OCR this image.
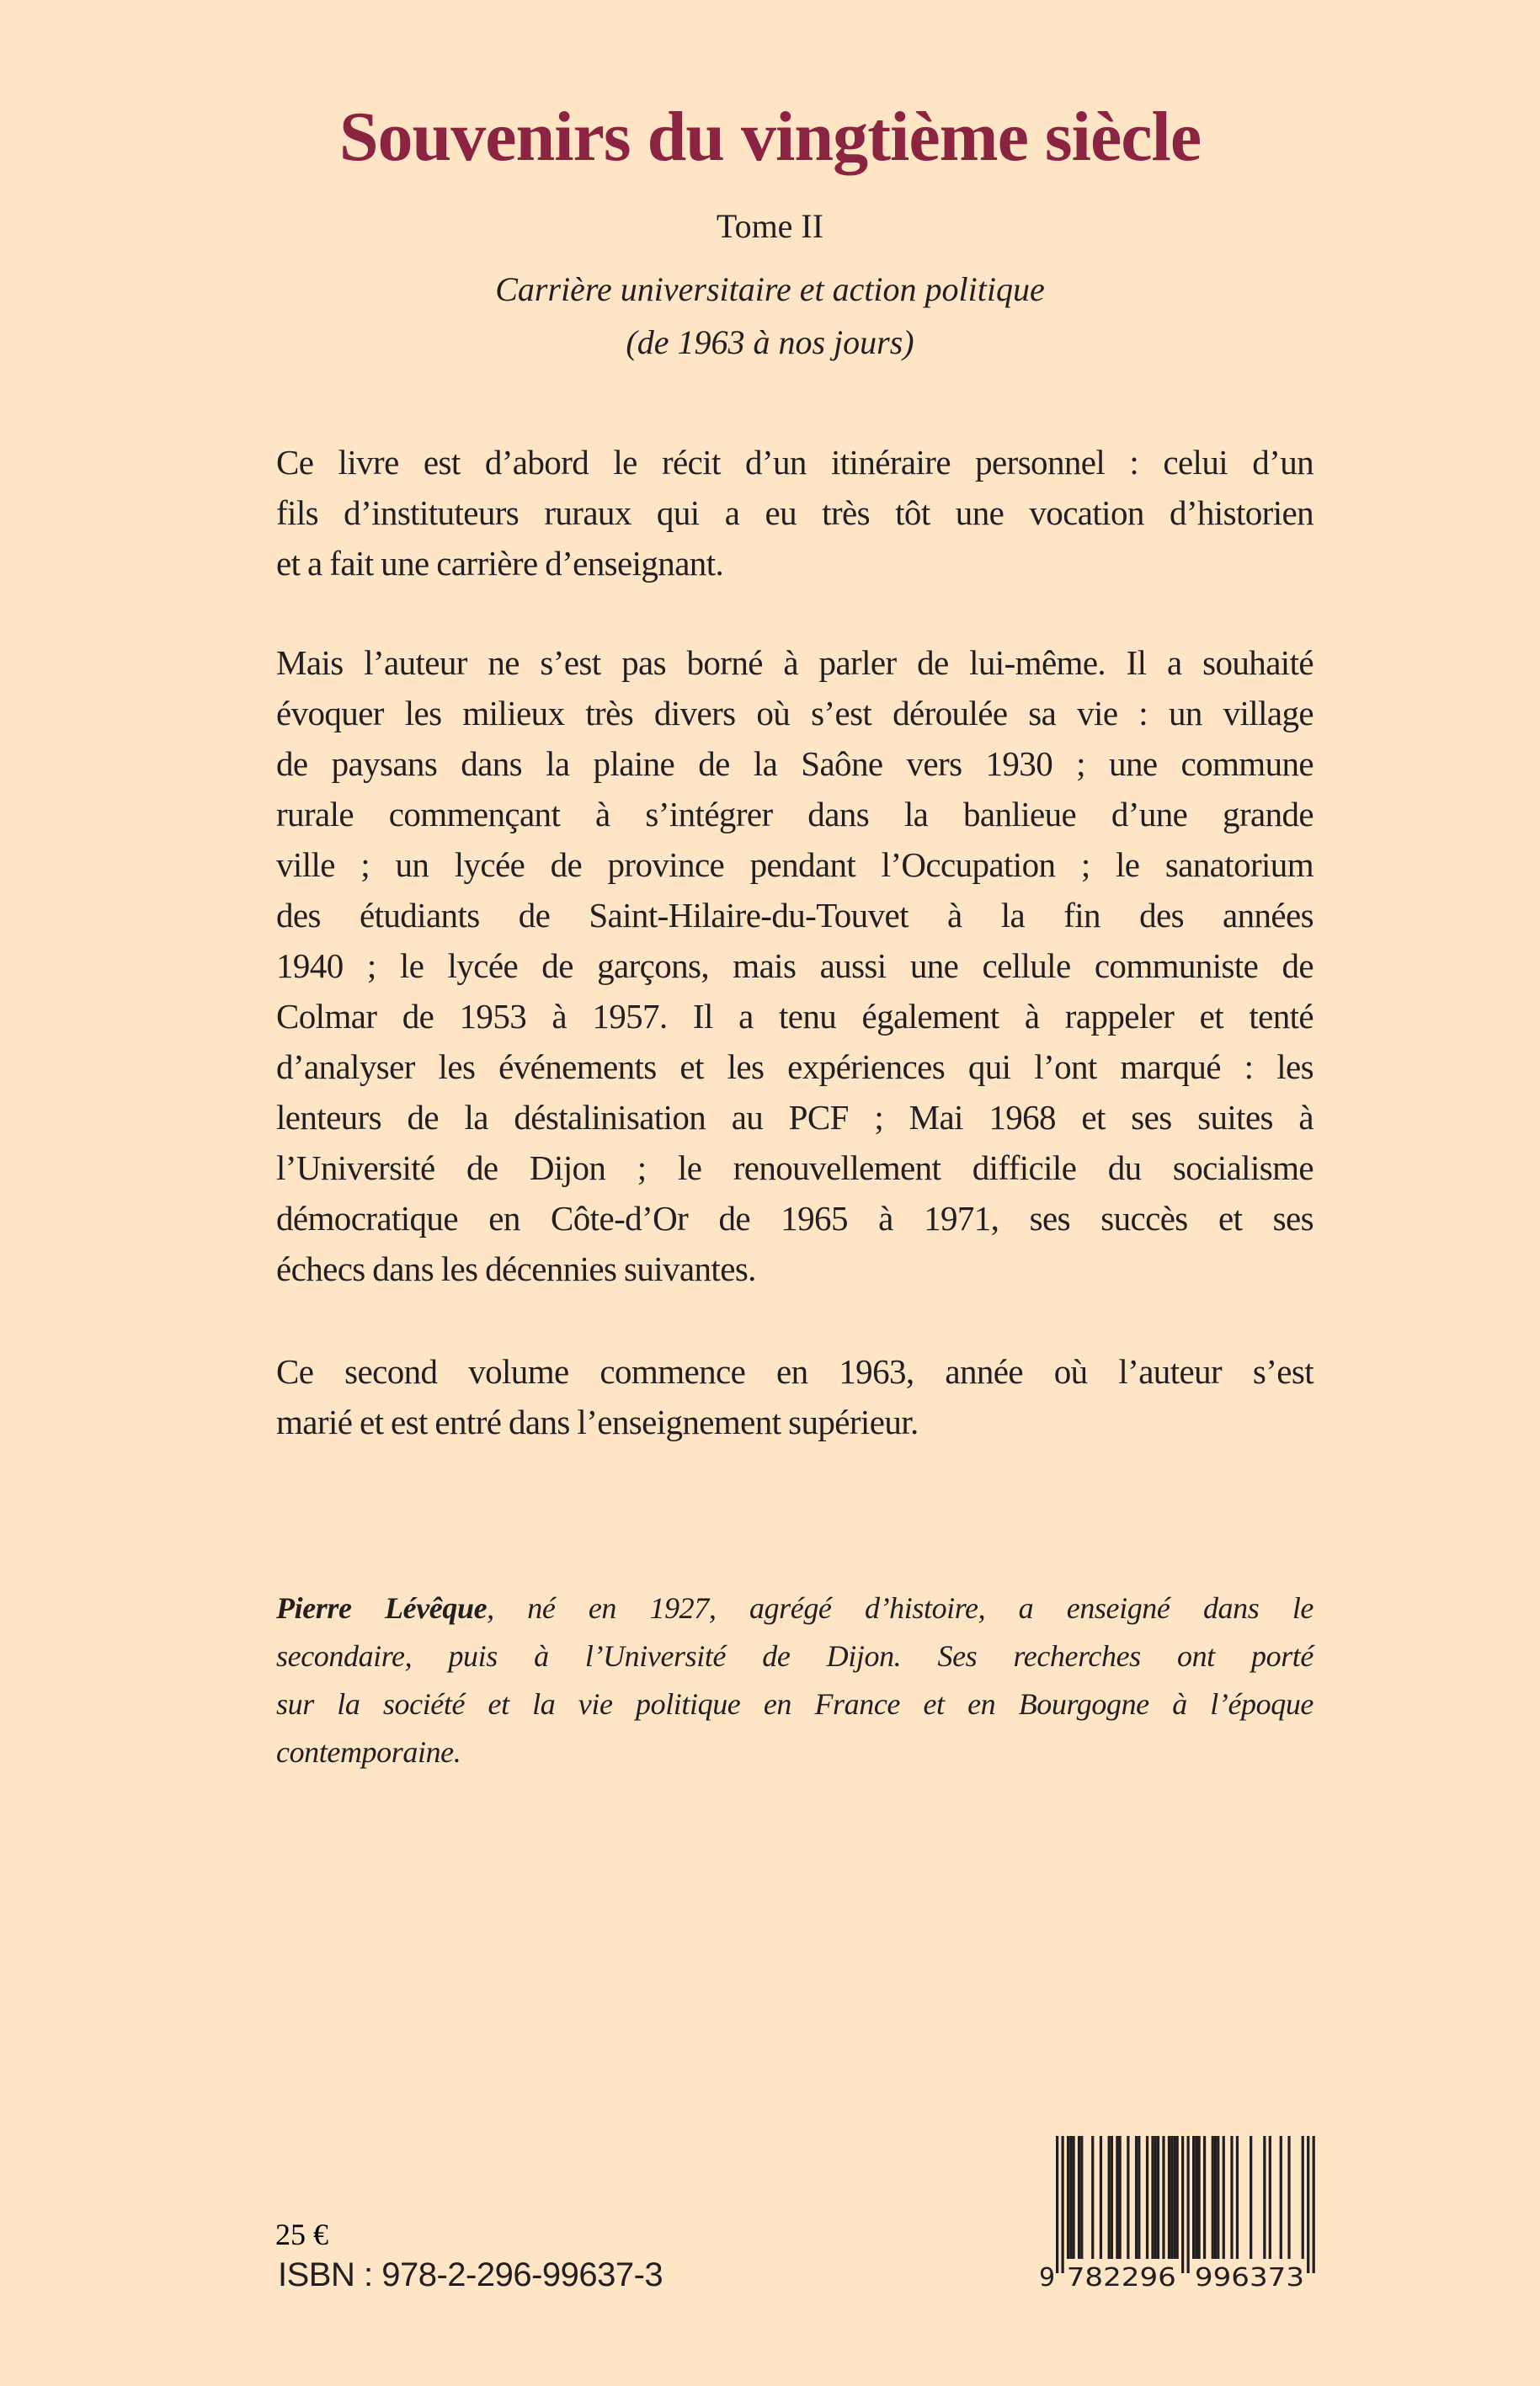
Souvenirs du vingtième siècle
Tome II
Carrière universitaire et action politique
(de 1963 à nos jours)
Ce livre est d’abord le récit d’un itinéraire personnel : celui d’un
fils d’instituteurs ruraux qui a eu très tôt une vocation d’historien
et a fait une carrière d’enseignant.
Mais l’auteur ne s’est pas borné à parler de lui-même. Il a souhaité
évoquer les milieux très divers où s’est déroulée sa vie : un village
de paysans dans la plaine de la Saône vers 1930 ; une commune
rurale commençant à s’intégrer dans la banlieue d’une grande
ville ; un lycée de province pendant l’Occupation ; le sanatorium
des étudiants de Saint-Hilaire-du-Touvet à la fin des années
1940 ; le lycée de garçons, mais aussi une cellule communiste de
Colmar de 1953 à 1957. Il a tenu également à rappeler et tenté
d’analyser les événements et les expériences qui l’ont marqué : les
lenteurs de la déstalinisation au PCF ; Mai 1968 et ses suites à
l’Université de Dijon ; le renouvellement difficile du socialisme
démocratique en Côte-d’Or de 1965 à 1971, ses succès et ses
échecs dans les décennies suivantes.
Ce second volume commence en 1963, année où l’auteur s’est
marié et est entré dans l’enseignement supérieur.
Pierre Lévêque, né en 1927, agrégé d’histoire, a enseigné dans le
secondaire, puis à l’Université de Dijon. Ses recherches ont porté
sur la société et la vie politique en France et en Bourgogne à l’époque
contemporaine.
25 €
ISBN : 978-2-296-99637-3	9 782296 996373
